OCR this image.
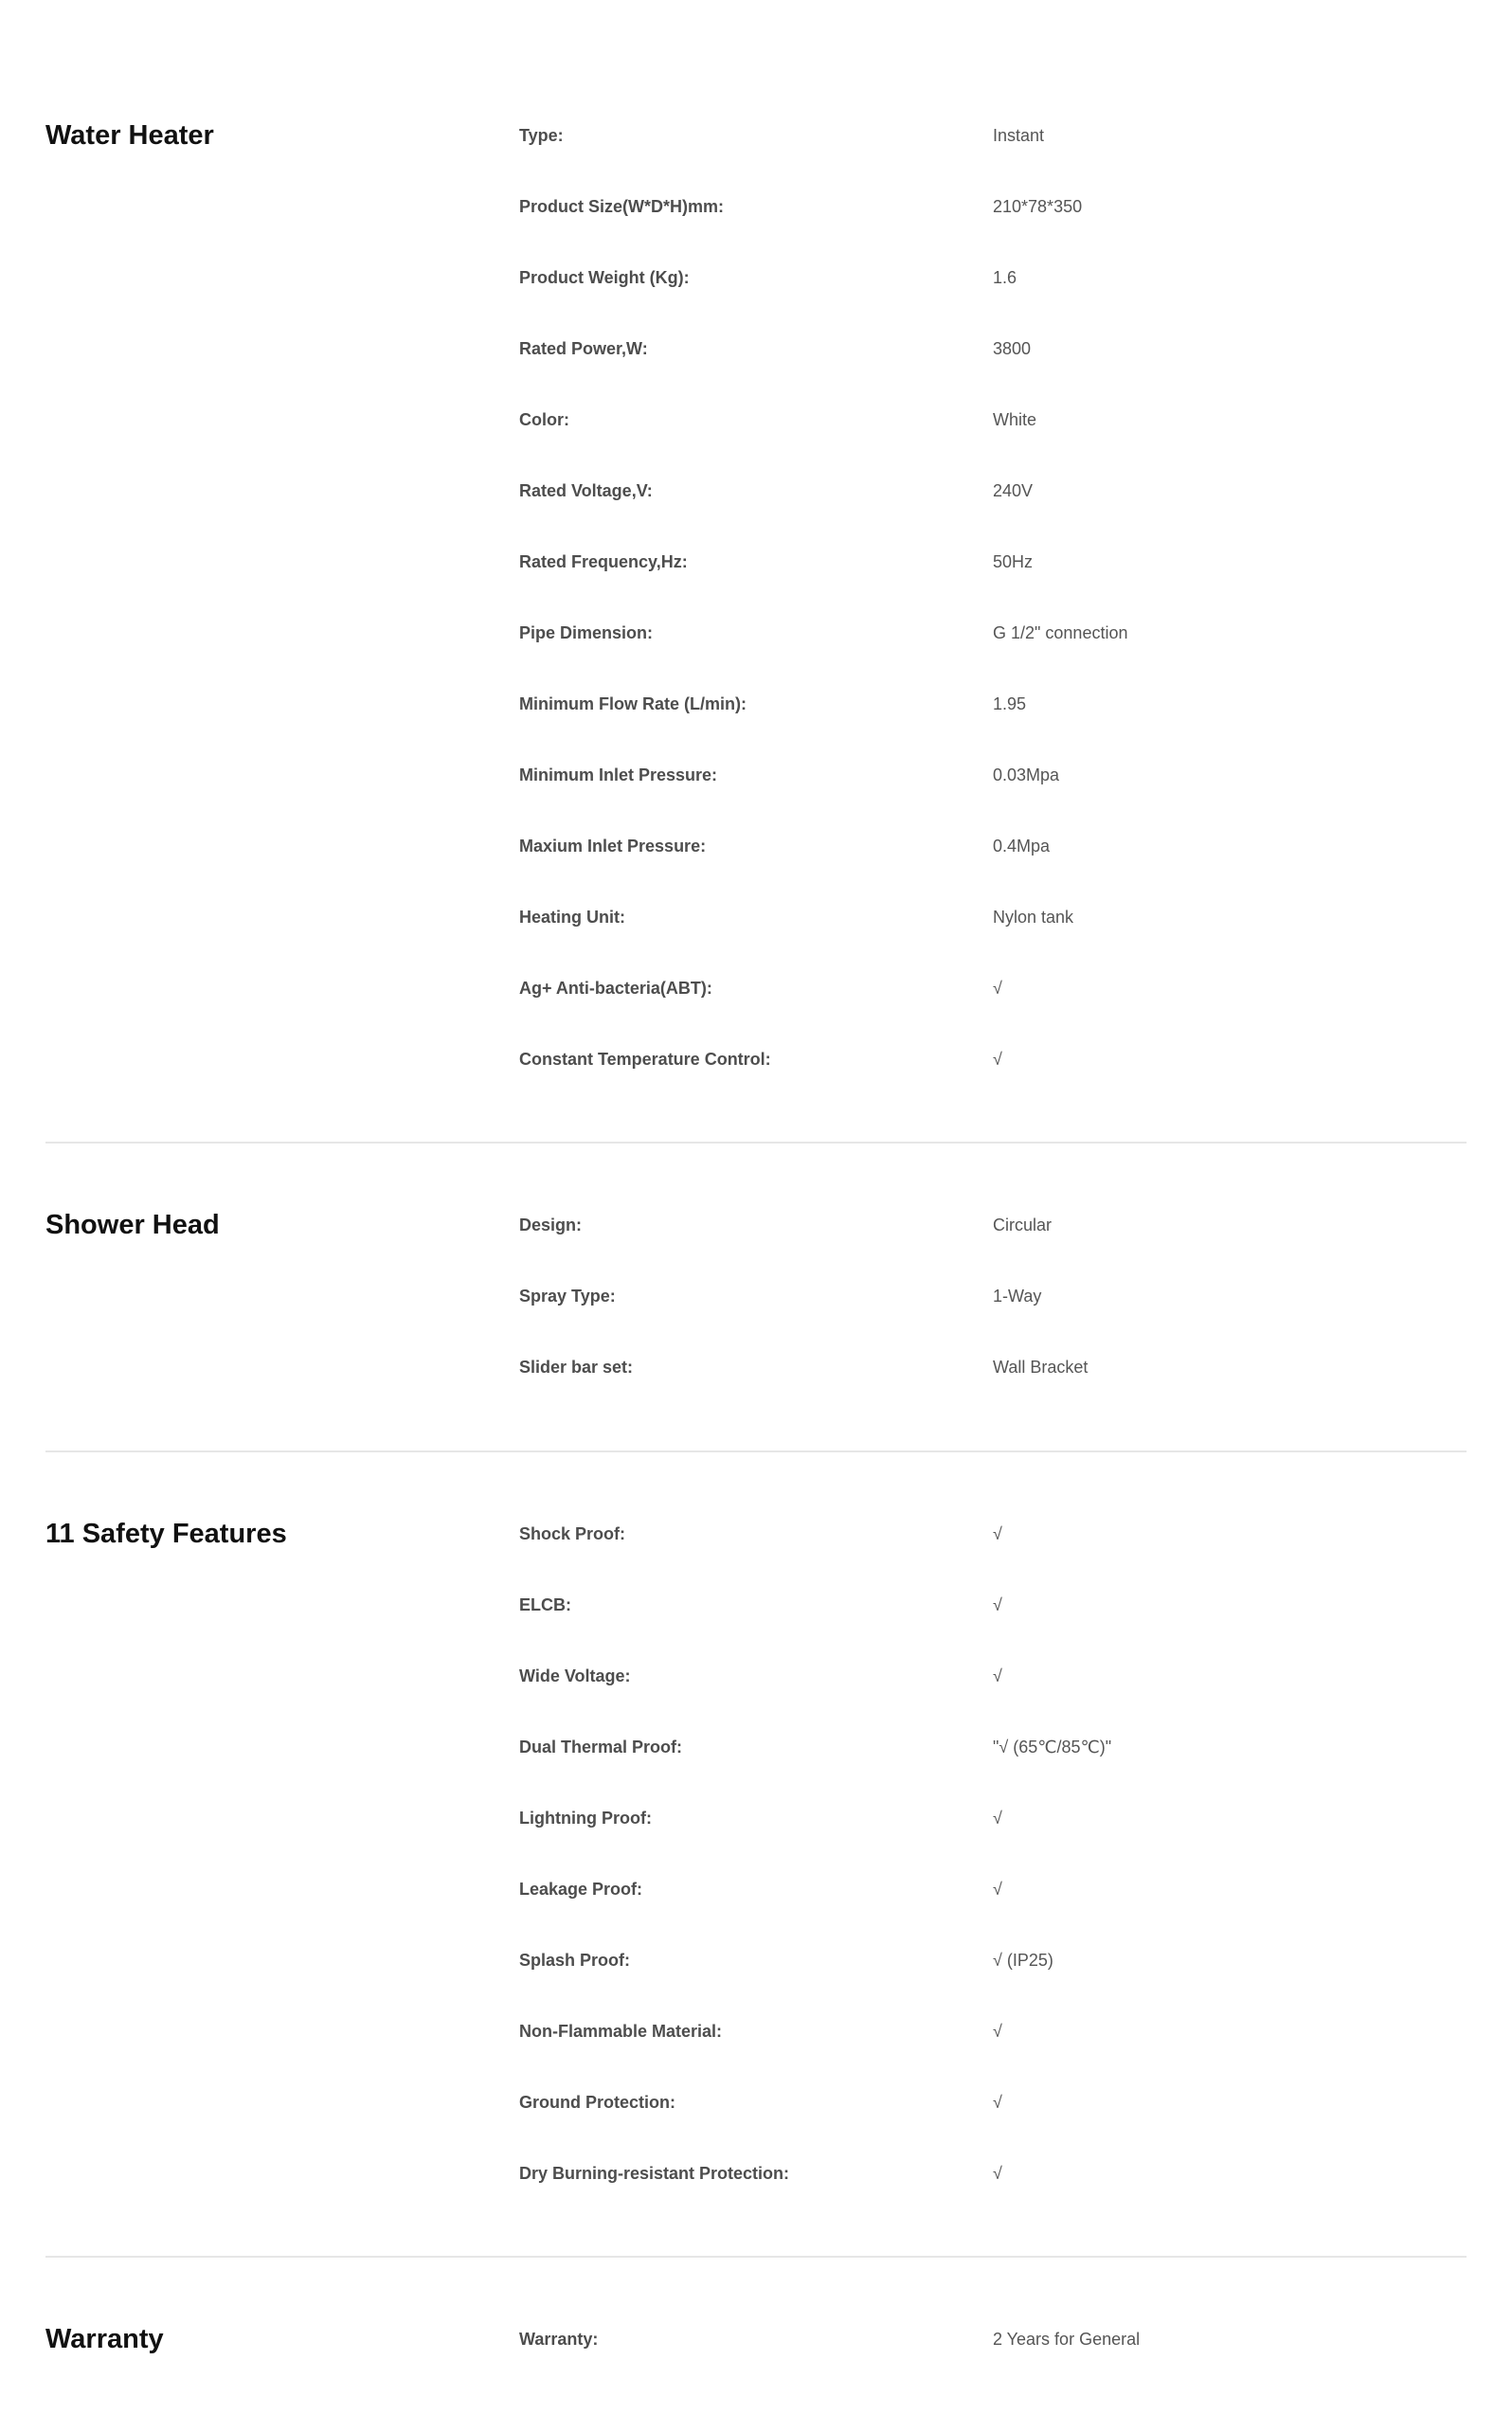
Water Heater	Type:	Instant
Product Size(W*D*H)mm:	210*78*350
Product Weight (Kg):	1.6
Rated Power,W:	3800
Color:	White
Rated Voltage,V:	240V
Rated Frequency,Hz:	50Hz
Pipe Dimension:	G 1/2" connection
Minimum Flow Rate (L/min):	1.95
Minimum Inlet Pressure:	0.03Mpa
Maxium Inlet Pressure:	0.4Mpa
Heating Unit:	Nylon tank
Ag+ Anti-bacteria(ABT):	√
Constant Temperature Control:	√
Shower Head	Design:	Circular
Spray Type:	1-Way
Slider bar set:	Wall Bracket
11 Safety Features	Shock Proof:	√
ELCB:	√
Wide Voltage:	√
Dual Thermal Proof:	"√ (65℃/85℃)"
Lightning Proof:	√
Leakage Proof:	√
Splash Proof:	√ (IP25)
Non-Flammable Material:	√
Ground Protection:	√
Dry Burning-resistant Protection:	√
Warranty	Warranty:	2 Years for General
